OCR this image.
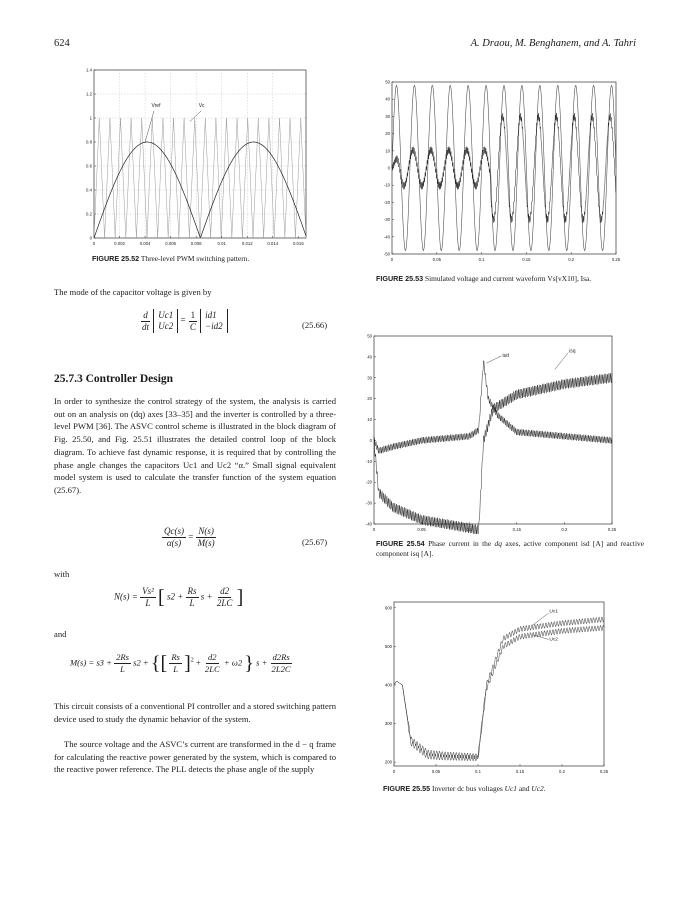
624	A. Draou, M. Benghanem, and A. Tahri
0	0.002	0.004	0.006	0.008	0.01	0.012	0.014	0.016
0
0.2
0.4
0.6
0.8
1
1.2
1.4
Vref	Vc
FIGURE 25.52 Three-level PWM switching pattern.	0	0.05	0.1	0.15	0.2	0.25
50
40
30
20
10
0
-10
-20
-30
-40
-50
FIGURE 25.53 Simulated voltage and current waveform Vs[vX10], Isa.
The mode of the capacitor voltage is given by
$\frac{d}{dt}$
Uc1
Uc2
= $\frac{1}{C}$
id1
−id2	(25.66)
25.7.3 Controller Design
In order to synthesize the control strategy of the system, the analysis is carried out on an analysis on (dq) axes [33–35] and the inverter is controlled by a three-level PWM [36]. The ASVC control scheme is illustrated in the block diagram of Fig. 25.50, and Fig. 25.51 illustrates the detailed control loop of the block diagram. To achieve fast dynamic response, it is required that by controlling the phase angle changes the capacitors Uc1 and Uc2 “α.” Small signal equivalent model system is used to calculate the transfer function of the system equation (25.67).
$\frac{Qc(s)}{\alpha(s)} = \frac{N(s)}{M(s)}$	(25.67)
with
$N(s) = \frac{\text{Vs²}}{L}$ [ $s2 + \frac{Rs}{L}$ $s + \frac{d2}{2LC}$ ]
and
$M(s) = s3 + \frac{2Rs}{L} s2$ + {[ $\frac{Rs}{L} ]^2 + \frac{d2}{2LC} + \omega 2$ } $s + \frac{d2Rs}{2L2C}$
This circuit consists of a conventional PI controller and a stored switching pattern device used to study the dynamic behavior of the system.
The source voltage and the ASVC’s current are transformed in the d − q frame for calculating the reactive power generated by the system, which is compared to the reactive power reference. The PLL detects the phase angle of the supply
0	0.05	0.1	0.15	0.2	0.25
50
40
30
20
10
0
-10
-20
-30
-40
isd
isq
FIGURE 25.54 Phase current in the dq axes, active component isd [A] and reactive component isq [A].
0	0.05	0.1	0.15	0.2	0.25
600
500
400
300
200
Uc1
Uc2
FIGURE 25.55 Inverter dc bus voltages Uc1 and Uc2.
